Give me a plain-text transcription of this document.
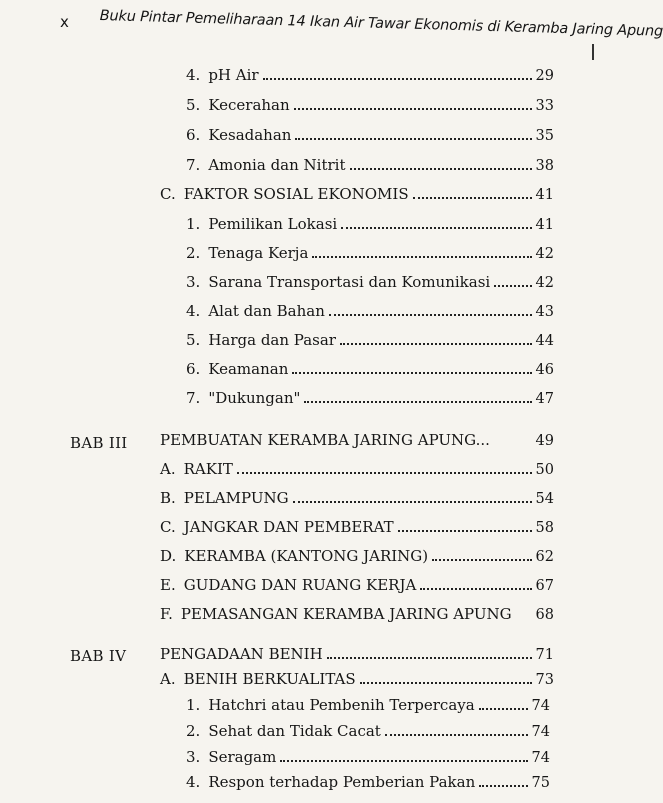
x Buku Pintar Pemeliharaan 14 Ikan Air Tawar Ekonomis di Keramba Jaring Apung

4. pH Air	29
5. Kecerahan	33
6. Kesadahan	35
7. Amonia dan Nitrit	38
C. FAKTOR SOSIAL EKONOMIS	41
1. Pemilikan Lokasi	41
2. Tenaga Kerja	42
3. Sarana Transportasi dan Komunikasi	42
4. Alat dan Bahan	43
5. Harga dan Pasar	44
6. Keamanan	46
7. "Dukungan"	47
BAB III PEMBUATAN KERAMBA JARING APUNG...	49
A. RAKIT	50
B. PELAMPUNG	54
C. JANGKAR DAN PEMBERAT	58
D. KERAMBA (KANTONG JARING)	62
E. GUDANG DAN RUANG KERJA	67
F. PEMASANGAN KERAMBA JARING APUNG 68
BAB IV PENGADAAN BENIH	71
A. BENIH BERKUALITAS	73
1. Hatchri atau Pembenih Terpercaya	74
2. Sehat dan Tidak Cacat	74
3. Seragam	74
4. Respon terhadap Pemberian Pakan	75
